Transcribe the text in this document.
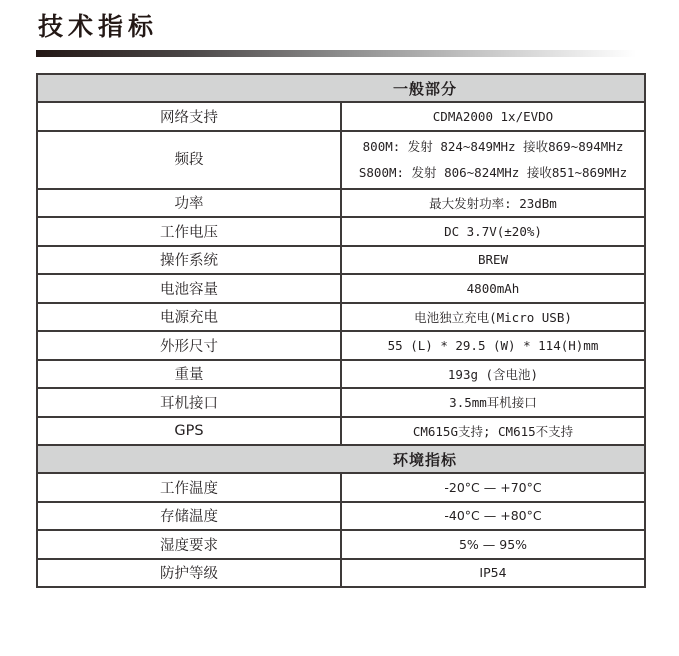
技术指标
一般部分	
网络支持	CDMA2000 1x/EVDO
频段	800M: 发射 824~849MHz 接收869~894MHz
S800M: 发射 806~824MHz 接收851~869MHz

功率	最大发射功率: 23dBm
工作电压	DC 3.7V(±20%)
操作系统	BREW
电池容量	4800mAh
电源充电	电池独立充电(Micro USB)
外形尺寸	55 (L) * 29.5 (W) * 114(H)mm
重量	193g (含电池)
耳机接口	3.5mm耳机接口
GPS	CM615G支持; CM615不支持
环境指标	
工作温度	-20°C — +70°C
存储温度	-40°C — +80°C
湿度要求	5% — 95%
防护等级	IP54
